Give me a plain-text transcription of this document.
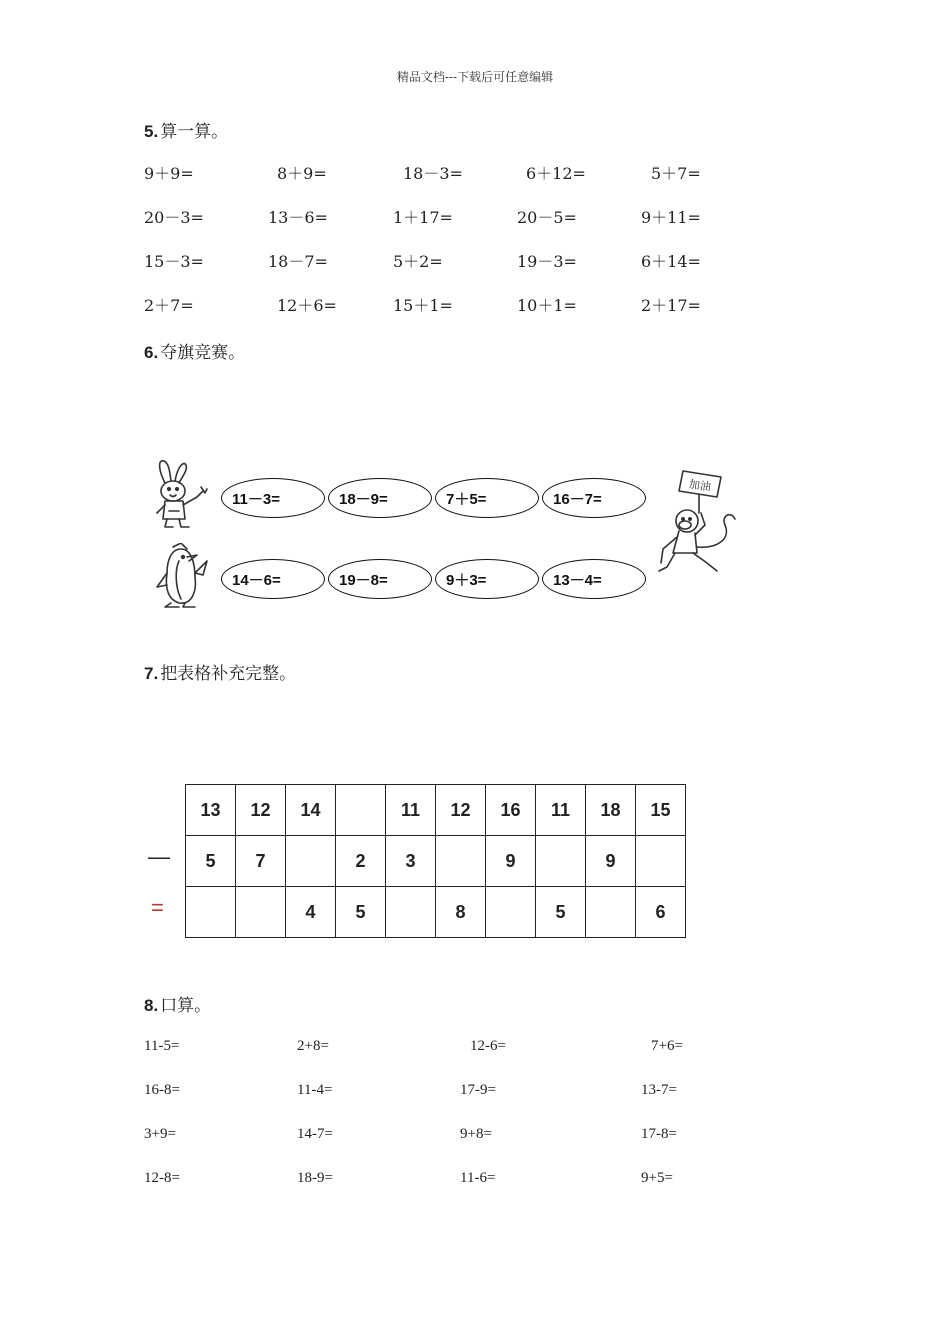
精品文档---下载后可任意编辑
5. 算一算。
9＋9=	8＋9=	18－3=	6＋12=	5＋7=
20－3=	13－6=	1＋17=	20－5=	9＋11=
15－3=	18－7=	5＋2=	19－3=	6＋14=
2＋7=	12＋6=	15＋1=	10＋1=	2＋17=
6. 夺旗竞赛。
加油
11－3=	18－9=	7＋5=	16－7=
14－6=	19－8=	9＋3=	13－4=
7. 把表格补充完整。
—
=
13	12	14		11	12	16	11	18	15
5	7		2	3		9		9	
		4	5		8		5		6
8. 口算。
11-5=	2+8=	12-6=	7+6=
16-8=	11-4=	17-9=	13-7=
3+9=	14-7=	9+8=	17-8=
12-8=	18-9=	11-6=	9+5=
